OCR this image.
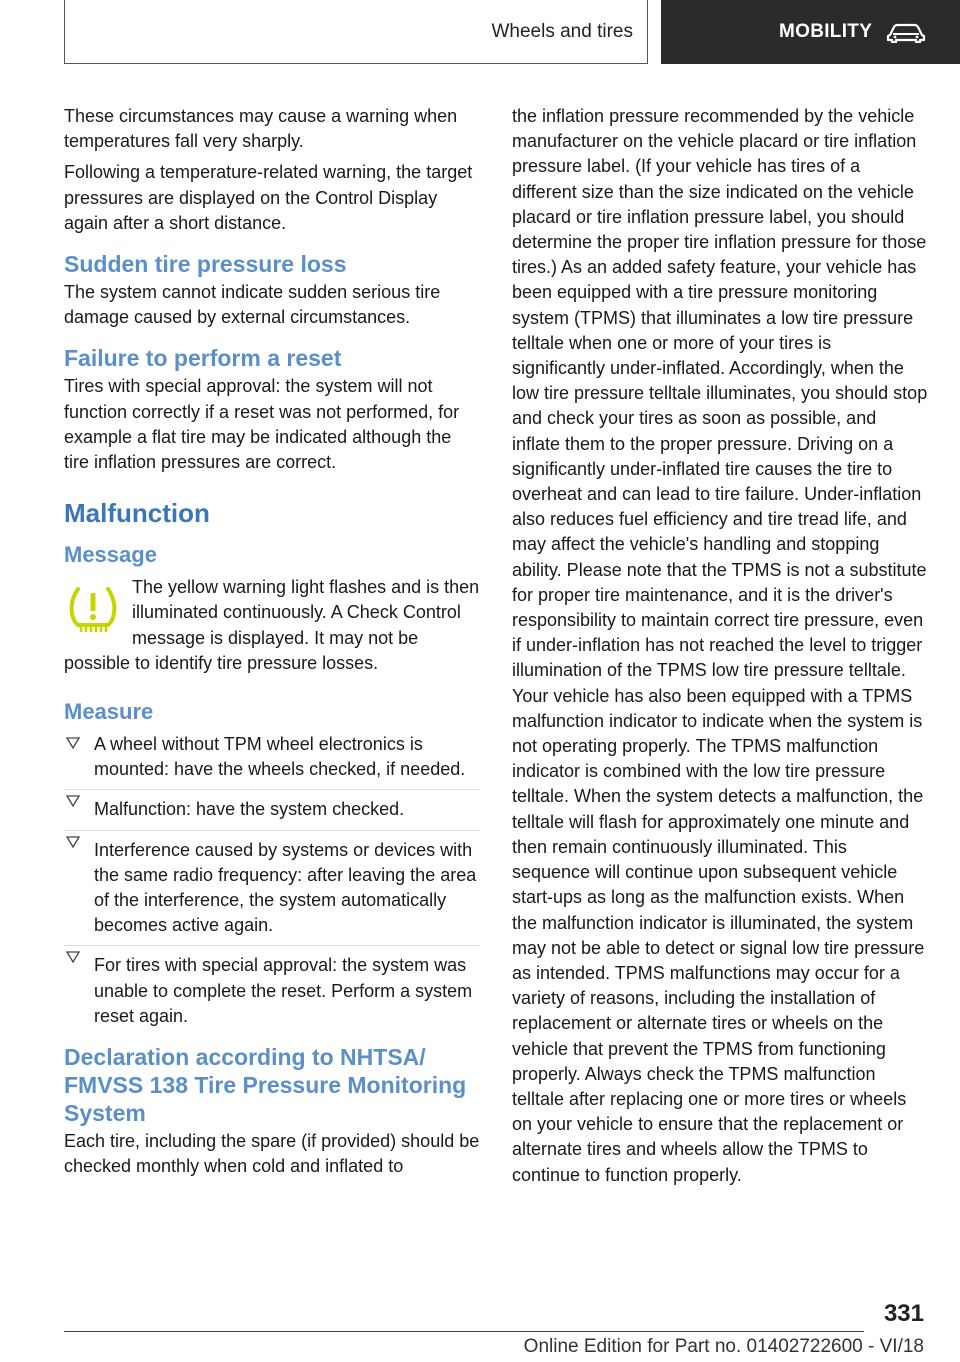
Wheels and tires	MOBILITY

These circumstances may cause a warning when temperatures fall very sharply.

Following a temperature-related warning, the target pressures are displayed on the Control Display again after a short distance.

Sudden tire pressure loss

The system cannot indicate sudden serious tire damage caused by external circumstances.

Failure to perform a reset

Tires with special approval: the system will not function correctly if a reset was not performed, for example a flat tire may be indicated although the tire inflation pressures are correct.

Malfunction
Message

The yellow warning light flashes and is then illuminated continuously. A Check Control message is displayed. It may not be possible to identify tire pressure losses.

Measure
A wheel without TPM wheel electronics is mounted: have the wheels checked, if needed.
Malfunction: have the system checked.
Interference caused by systems or devices with the same radio frequency: after leaving the area of the interference, the system automatically becomes active again.
For tires with special approval: the system was unable to complete the reset. Perform a system reset again.
Declaration according to NHTSA/ FMVSS 138 Tire Pressure Monitoring System

Each tire, including the spare (if provided) should be checked monthly when cold and inflated to

the inflation pressure recommended by the vehicle manufacturer on the vehicle placard or tire inflation pressure label. (If your vehicle has tires of a different size than the size indicated on the vehicle placard or tire inflation pressure label, you should determine the proper tire inflation pressure for those tires.) As an added safety feature, your vehicle has been equipped with a tire pressure monitoring system (TPMS) that illuminates a low tire pressure telltale when one or more of your tires is significantly under-inflated. Accordingly, when the low tire pressure telltale illuminates, you should stop and check your tires as soon as possible, and inflate them to the proper pressure. Driving on a significantly under-inflated tire causes the tire to overheat and can lead to tire failure. Under-inflation also reduces fuel efficiency and tire tread life, and may affect the vehicle's handling and stopping ability. Please note that the TPMS is not a substitute for proper tire maintenance, and it is the driver's responsibility to maintain correct tire pressure, even if under-inflation has not reached the level to trigger illumination of the TPMS low tire pressure telltale. Your vehicle has also been equipped with a TPMS malfunction indicator to indicate when the system is not operating properly. The TPMS malfunction indicator is combined with the low tire pressure telltale. When the system detects a malfunction, the telltale will flash for approximately one minute and then remain continuously illuminated. This sequence will continue upon subsequent vehicle start-ups as long as the malfunction exists. When the malfunction indicator is illuminated, the system may not be able to detect or signal low tire pressure as intended. TPMS malfunctions may occur for a variety of reasons, including the installation of replacement or alternate tires or wheels on the vehicle that prevent the TPMS from functioning properly. Always check the TPMS malfunction telltale after replacing one or more tires or wheels on your vehicle to ensure that the replacement or alternate tires and wheels allow the TPMS to continue to function properly.

331
Online Edition for Part no. 01402722600 - VI/18
